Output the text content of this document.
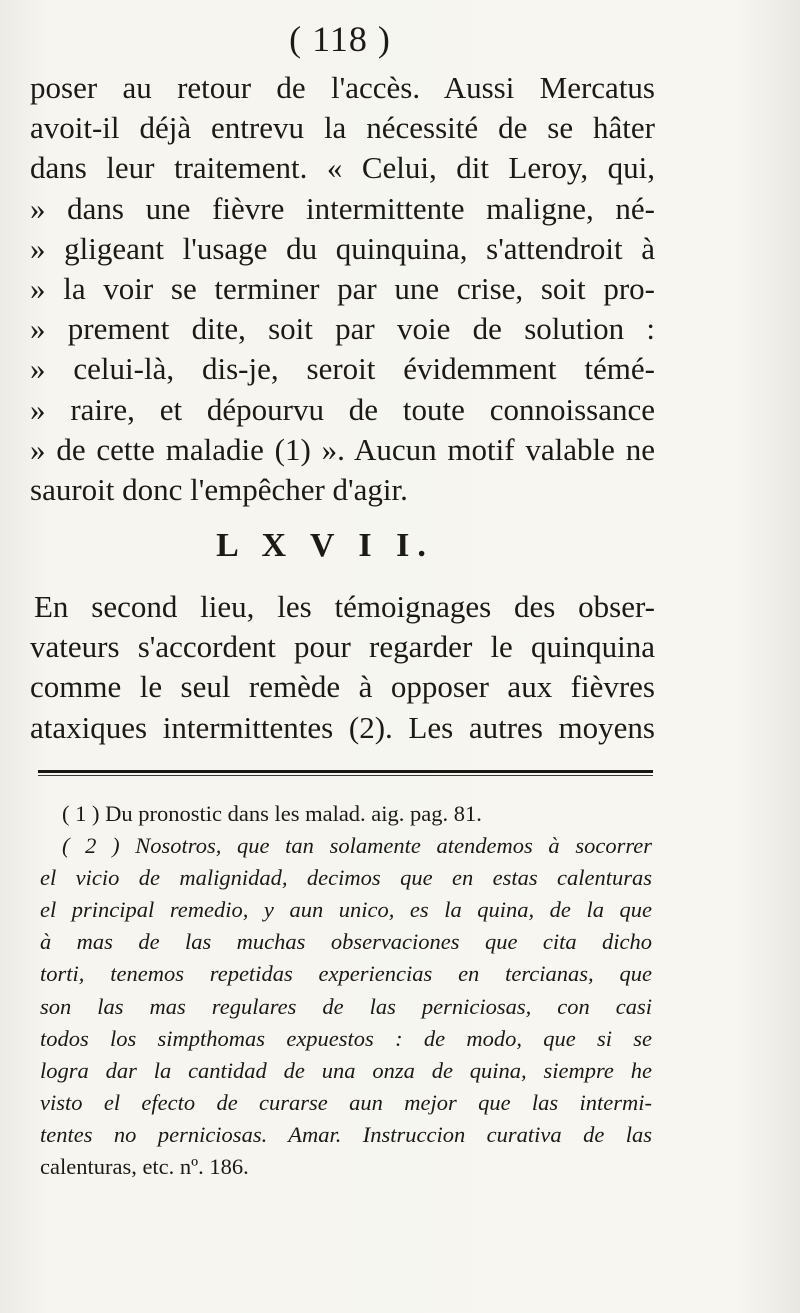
( 118 )
poser au retour de l'accès. Aussi Mercatus
avoit-il déjà entrevu la nécessité de se hâter
dans leur traitement. « Celui, dit Leroy, qui,
» dans une fièvre intermittente maligne, né-
» gligeant l'usage du quinquina, s'attendroit à
» la voir se terminer par une crise, soit pro-
» prement dite, soit par voie de solution :
» celui-là, dis-je, seroit évidemment témé-
» raire, et dépourvu de toute connoissance
» de cette maladie (1) ». Aucun motif valable ne
sauroit donc l'empêcher d'agir.
L X V I I.
En second lieu, les témoignages des obser-
vateurs s'accordent pour regarder le quinquina
comme le seul remède à opposer aux fièvres
ataxiques intermittentes (2). Les autres moyens
( 1 ) Du pronostic dans les malad. aig. pag. 81.
( 2 ) Nosotros, que tan solamente atendemos à socorrer
el vicio de malignidad, decimos que en estas calenturas
el principal remedio, y aun unico, es la quina, de la que
à mas de las muchas observaciones que cita dicho
torti, tenemos repetidas experiencias en tercianas, que
son las mas regulares de las perniciosas, con casi
todos los simpthomas expuestos : de modo, que si se
logra dar la cantidad de una onza de quina, siempre he
visto el efecto de curarse aun mejor que las intermi-
tentes no perniciosas. Amar. Instruccion curativa de las
calenturas, etc. nº. 186.
